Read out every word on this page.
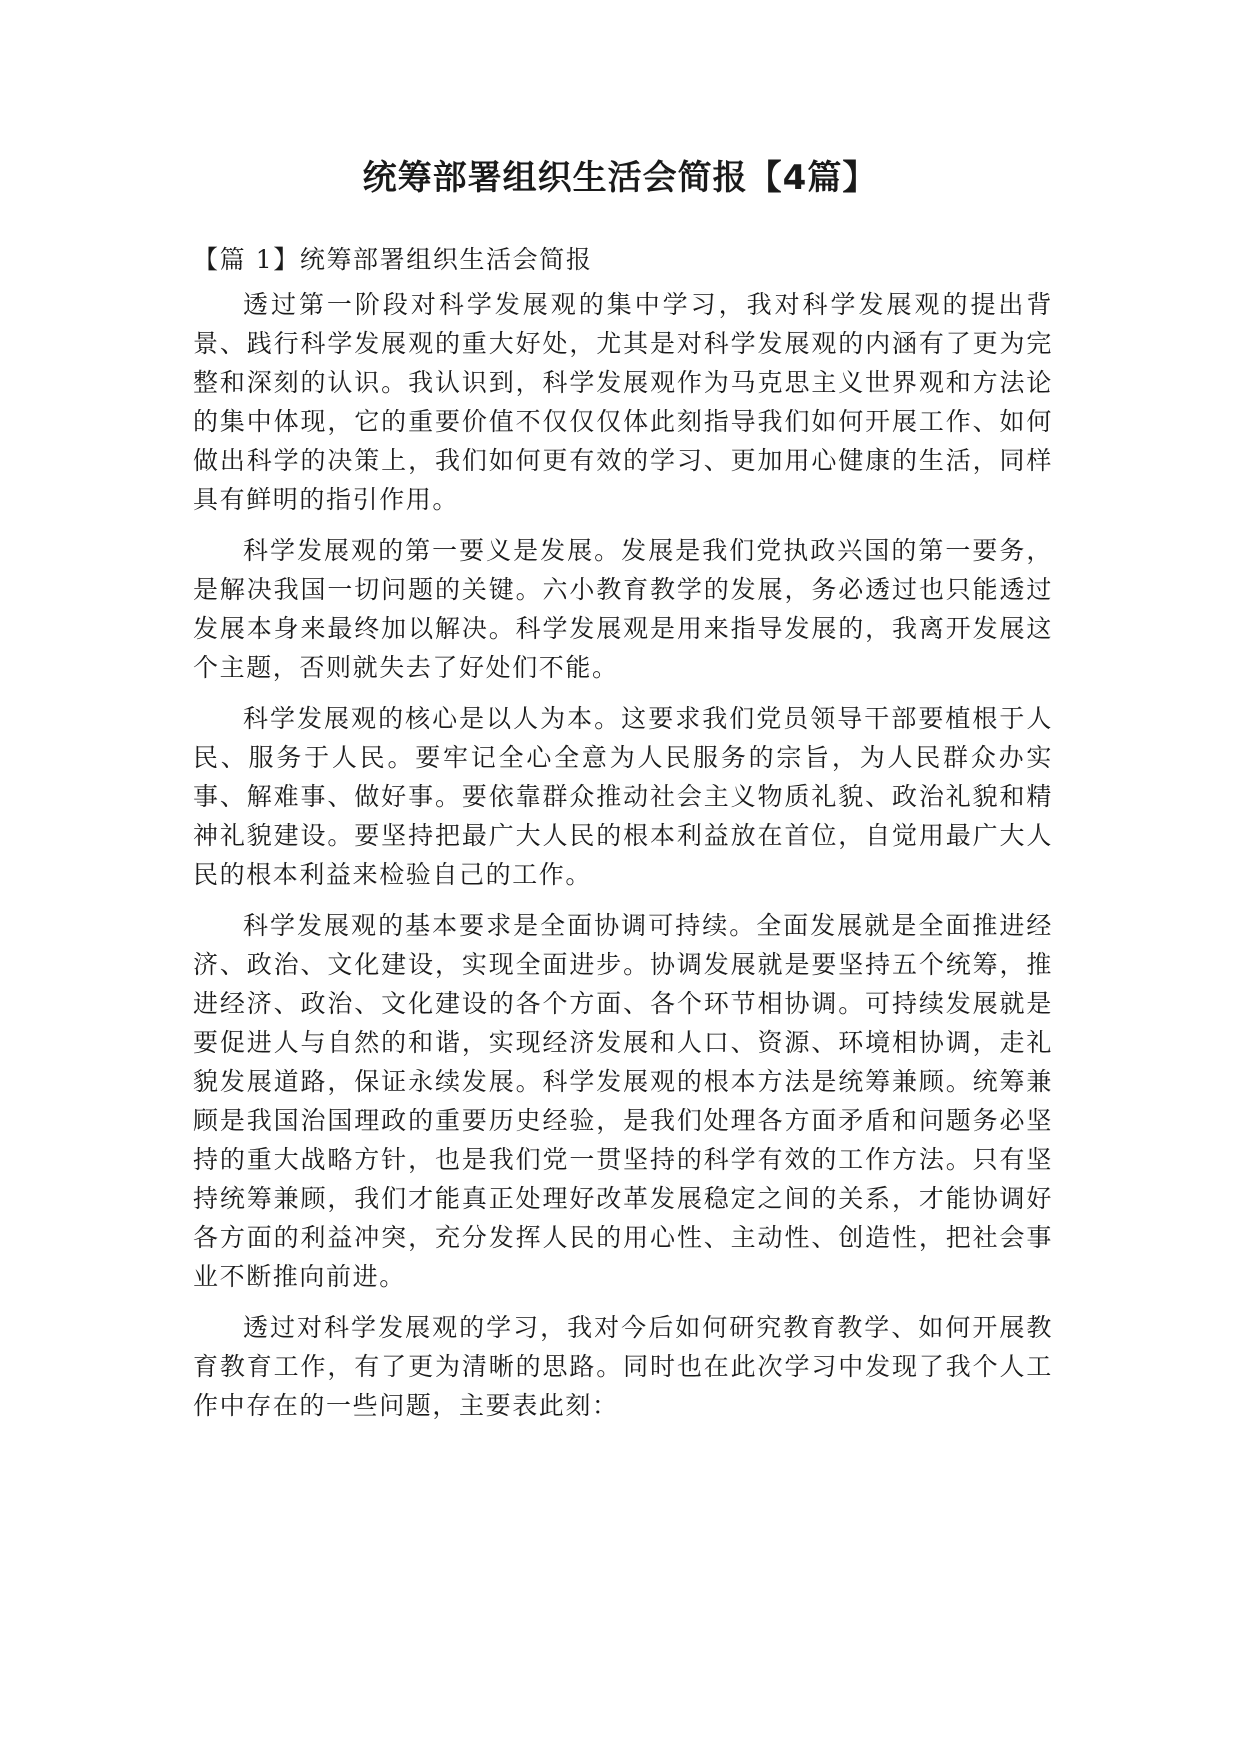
统筹部署组织生活会简报【4篇】

【篇 1】统筹部署组织生活会简报

透过第一阶段对科学发展观的集中学习，我对科学发展观的提出背景、践行科学发展观的重大好处，尤其是对科学发展观的内涵有了更为完整和深刻的认识。我认识到，科学发展观作为马克思主义世界观和方法论的集中体现，它的重要价值不仅仅仅体此刻指导我们如何开展工作、如何做出科学的决策上，我们如何更有效的学习、更加用心健康的生活，同样具有鲜明的指引作用。

科学发展观的第一要义是发展。发展是我们党执政兴国的第一要务，是解决我国一切问题的关键。六小教育教学的发展，务必透过也只能透过发展本身来最终加以解决。科学发展观是用来指导发展的，我离开发展这个主题，否则就失去了好处们不能。

科学发展观的核心是以人为本。这要求我们党员领导干部要植根于人民、服务于人民。要牢记全心全意为人民服务的宗旨，为人民群众办实事、解难事、做好事。要依靠群众推动社会主义物质礼貌、政治礼貌和精神礼貌建设。要坚持把最广大人民的根本利益放在首位，自觉用最广大人民的根本利益来检验自己的工作。

科学发展观的基本要求是全面协调可持续。全面发展就是全面推进经济、政治、文化建设，实现全面进步。协调发展就是要坚持五个统筹，推进经济、政治、文化建设的各个方面、各个环节相协调。可持续发展就是要促进人与自然的和谐，实现经济发展和人口、资源、环境相协调，走礼貌发展道路，保证永续发展。科学发展观的根本方法是统筹兼顾。统筹兼顾是我国治国理政的重要历史经验，是我们处理各方面矛盾和问题务必坚持的重大战略方针，也是我们党一贯坚持的科学有效的工作方法。只有坚持统筹兼顾，我们才能真正处理好改革发展稳定之间的关系，才能协调好各方面的利益冲突，充分发挥人民的用心性、主动性、创造性，把社会事业不断推向前进。

透过对科学发展观的学习，我对今后如何研究教育教学、如何开展教育教育工作，有了更为清晰的思路。同时也在此次学习中发现了我个人工作中存在的一些问题，主要表此刻：
